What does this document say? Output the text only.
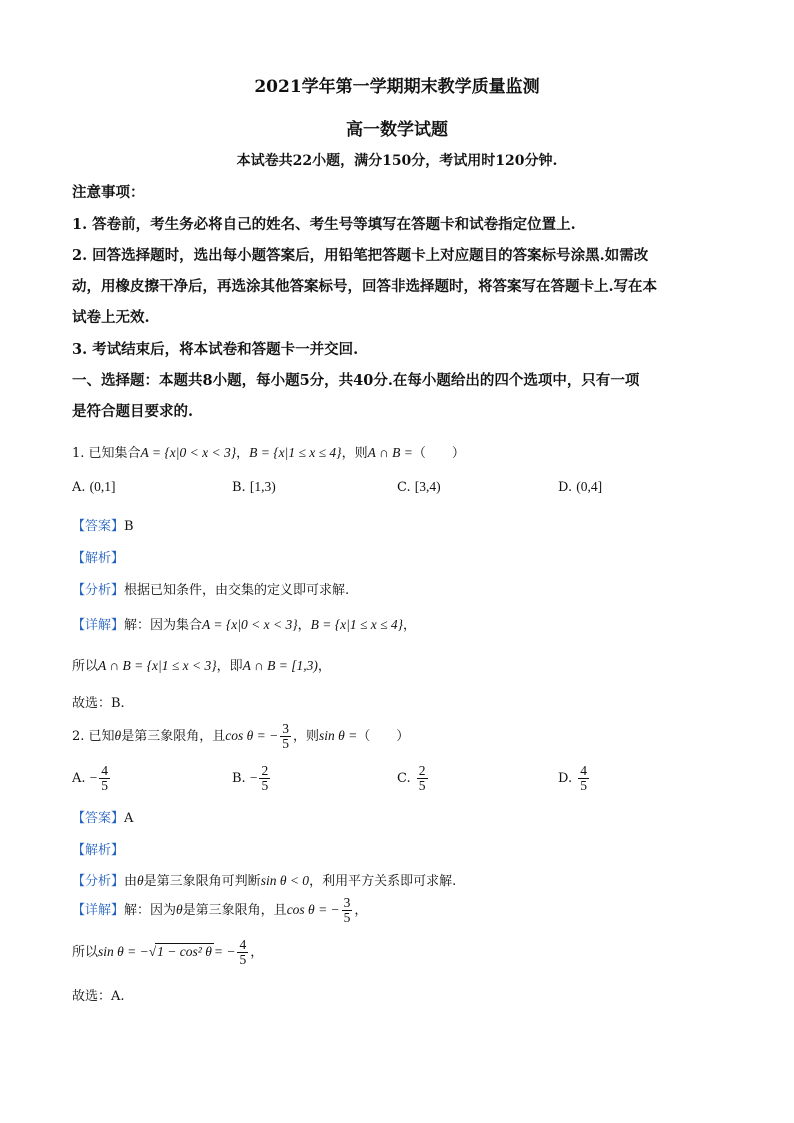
2021学年第一学期期末教学质量监测
高一数学试题
本试卷共22小题，满分150分，考试用时120分钟.
注意事项：
1. 答卷前，考生务必将自己的姓名、考生号等填写在答题卡和试卷指定位置上.
2. 回答选择题时，选出每小题答案后，用铅笔把答题卡上对应题目的答案标号涂黑.如需改
动，用橡皮擦干净后，再选涂其他答案标号，回答非选择题时，将答案写在答题卡上.写在本
试卷上无效.
3. 考试结束后，将本试卷和答题卡一并交回.
一、选择题：本题共8小题，每小题5分，共40分.在每小题给出的四个选项中，只有一项
是符合题目要求的.
1. 已知集合A = {x|0 < x < 3}，B = {x|1 ≤ x ≤ 4}，则A ∩ B =（　　）
A. (0,1]	B. [1,3)	C. [3,4)	D. (0,4]
【答案】B
【解析】
【分析】根据已知条件，由交集的定义即可求解.
【详解】解：因为集合A = {x|0 < x < 3}，B = {x|1 ≤ x ≤ 4}，
所以A ∩ B = {x|1 ≤ x < 3}，即A ∩ B = [1,3)，
故选：B.
2. 已知θ是第三象限角，且cos θ = − $\frac{3}{5}$ ，则sin θ =（　　）
A. − $\frac{4}{5}$	B. − $\frac{2}{5}$	C. $\frac{2}{5}$	D. $\frac{4}{5}$
【答案】A
【解析】
【分析】由θ是第三象限角可判断sin θ < 0，利用平方关系即可求解.
【详解】解：因为θ是第三象限角，且cos θ = − $\frac{3}{5}$ ，
所以sin θ = −√1 − cos² θ = − $\frac{4}{5}$ ，
故选：A.
